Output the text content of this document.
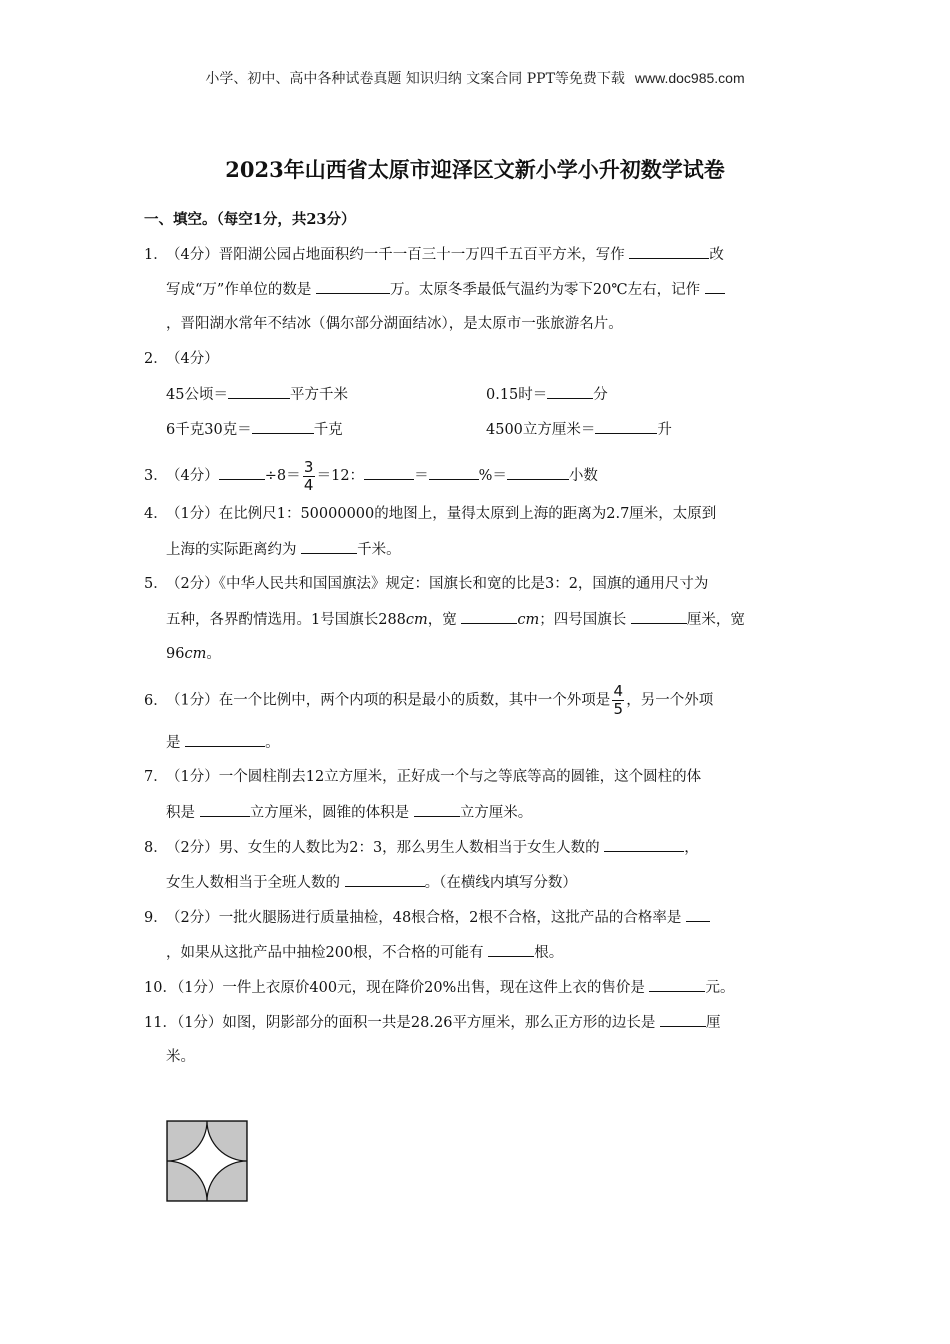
小学、初中、高中各种试卷真题 知识归纳 文案合同 PPT等免费下载 www.doc985.com
2023年山西省太原市迎泽区文新小学小升初数学试卷
一、填空。（每空1分，共23分）
1．（4分）晋阳湖公园占地面积约一千一百三十一万四千五百平方米，写作	改
写成“万”作单位的数是	万。太原冬季最低气温约为零下20℃左右，记作
，晋阳湖水常年不结冰（偶尔部分湖面结冰），是太原市一张旅游名片。
2．（4分）
45公顷＝	平方千米	0.15时＝	分
6千克30克＝	千克	4500立方厘米＝	升
3．（4分）	$\div 8= \frac{3}{4} =12$：	＝	%＝	小数
4．（1分）在比例尺1：50000000的地图上，量得太原到上海的距离为2.7厘米，太原到
上海的实际距离约为	千米。
5．（2分）《中华人民共和国国旗法》规定：国旗长和宽的比是3：2，国旗的通用尺寸为
五种，各界酌情选用。1号国旗长288cm，宽	cm；四号国旗长	厘米，宽
96cm。
6．（1分）在一个比例中，两个内项的积是最小的质数，其中一个外项是 $\frac{4}{5}$ ，另一个外项
是	。
7．（1分）一个圆柱削去12立方厘米，正好成一个与之等底等高的圆锥，这个圆柱的体
积是	立方厘米，圆锥的体积是	立方厘米。
8．（2分）男、女生的人数比为2：3，那么男生人数相当于女生人数的	，
女生人数相当于全班人数的	。（在横线内填写分数）
9．（2分）一批火腿肠进行质量抽检，48根合格，2根不合格，这批产品的合格率是
，如果从这批产品中抽检200根，不合格的可能有	根。
10．（1分）一件上衣原价400元，现在降价20%出售，现在这件上衣的售价是	元。
11．（1分）如图，阴影部分的面积一共是28.26平方厘米，那么正方形的边长是	厘
米。
